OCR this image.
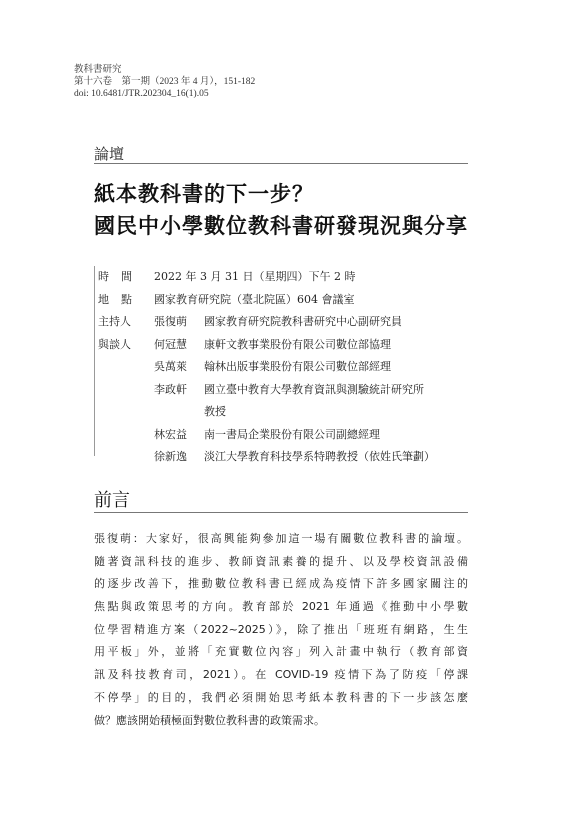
教科書研究
第十六卷　第一期（2023 年 4 月），151-182
doi: 10.6481/JTR.202304_16(1).05
論壇
紙本教科書的下一步？
國民中小學數位教科書研發現況與分享
時間 2022 年 3 月 31 日（星期四）下午 2 時
地點 國家教育研究院（臺北院區）604 會議室
主持人	張復萌	國家教育研究院教科書研究中心副研究員
與談人	何冠慧	康軒文教事業股份有限公司數位部協理
吳萬萊	翰林出版事業股份有限公司數位部經理
李政軒	國立臺中教育大學教育資訊與測驗統計研究所
教授
林宏益	南一書局企業股份有限公司副總經理
徐新逸	淡江大學教育科技學系特聘教授（依姓氏筆劃）
前言
張復萌：大家好，很高興能夠參加這一場有關數位教科書的論壇。
隨著資訊科技的進步、教師資訊素養的提升、以及學校資訊設備
的逐步改善下，推動數位教科書已經成為疫情下許多國家關注的
焦點與政策思考的方向。教育部於 2021 年通過《推動中小學數
位學習精進方案（2022~2025）》，除了推出「班班有網路，生生
用平板」外，並將「充實數位內容」列入計畫中執行（教育部資
訊及科技教育司，2021）。在 COVID-19 疫情下為了防疫「停課
不停學」的目的，我們必須開始思考紙本教科書的下一步該怎麼
做？應該開始積極面對數位教科書的政策需求。
